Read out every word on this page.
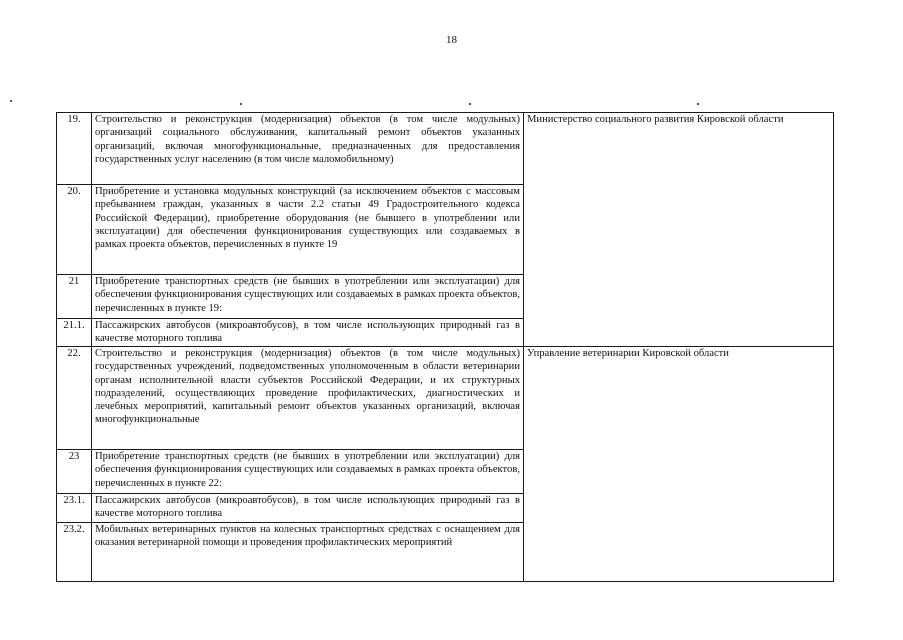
18
19.	Строительство и реконструкция (модернизация) объектов (в том числе модульных) организаций социального обслуживания, капитальный ремонт объектов указанных организаций, включая многофункциональные, предназначенных для предоставления государственных услуг населению (в том числе маломобильному)	Министерство социального развития Кировской области

20.	Приобретение и установка модульных конструкций (за исключением объектов с массовым пребыванием граждан, указанных в части 2.2 статьи 49 Градостроительного кодекса Российской Федерации), приобретение оборудования (не бывшего в употреблении или эксплуатации) для обеспечения функционирования существующих или создаваемых в рамках проекта объектов, перечисленных в пункте 19	

21	Приобретение транспортных средств (не бывших в употреблении или эксплуатации) для обеспечения функционирования существующих или создаваемых в рамках проекта объектов, перечисленных в пункте 19:	

21.1.	Пассажирских автобусов (микроавтобусов), в том числе использующих природный газ в качестве моторного топлива	

22.	Строительство и реконструкция (модернизация) объектов (в том числе модульных) государственных учреждений, подведомственных уполномоченным в области ветеринарии органам исполнительной власти субъектов Российской Федерации, и их структурных подразделений, осуществляющих проведение профилактических, диагностических и лечебных мероприятий, капитальный ремонт объектов указанных организаций, включая многофункциональные	Управление ветеринарии Кировской области

23	Приобретение транспортных средств (не бывших в употреблении или эксплуатации) для обеспечения функционирования существующих или создаваемых в рамках проекта объектов, перечисленных в пункте 22:	

23.1.	Пассажирских автобусов (микроавтобусов), в том числе использующих природный газ в качестве моторного топлива	

23.2.	Мобильных ветеринарных пунктов на колесных транспортных средствах с оснащением для оказания ветеринарной помощи и проведения профилактических мероприятий	
